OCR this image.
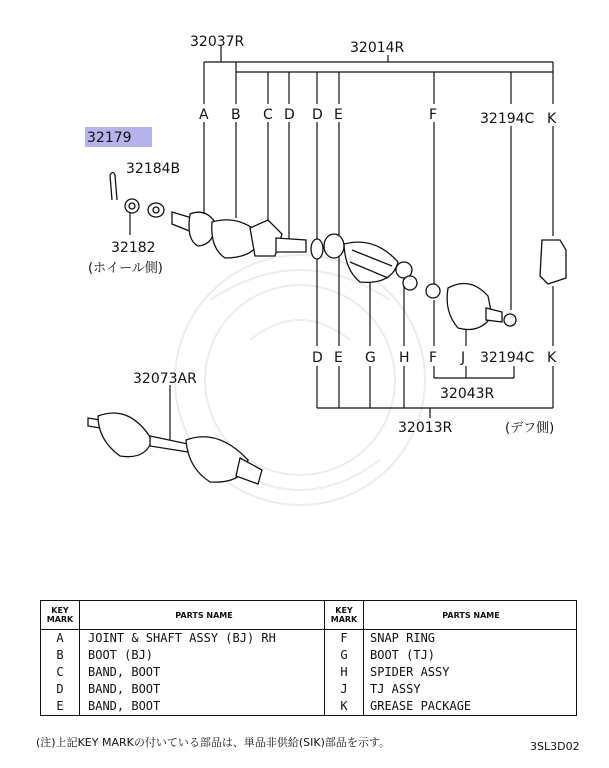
A B C D D E	F	K
D E G H F J	K
32037R	32014R
32179
32184B
32182
(ホイール側)
32194C
32194C
32073AR
32043R
32013R	(デフ側)
KEY MARK	PARTS NAME	KEY MARK	PARTS NAME
A	JOINT & SHAFT ASSY (BJ) RH	F	SNAP RING
B	BOOT (BJ)	G	BOOT (TJ)
C	BAND, BOOT	H	SPIDER ASSY
D	BAND, BOOT	J	TJ ASSY
E	BAND, BOOT	K	GREASE PACKAGE
(注)上記KEY MARKの付いている部品は、単品非供給(SIK)部品を示す。	3SL3D02
